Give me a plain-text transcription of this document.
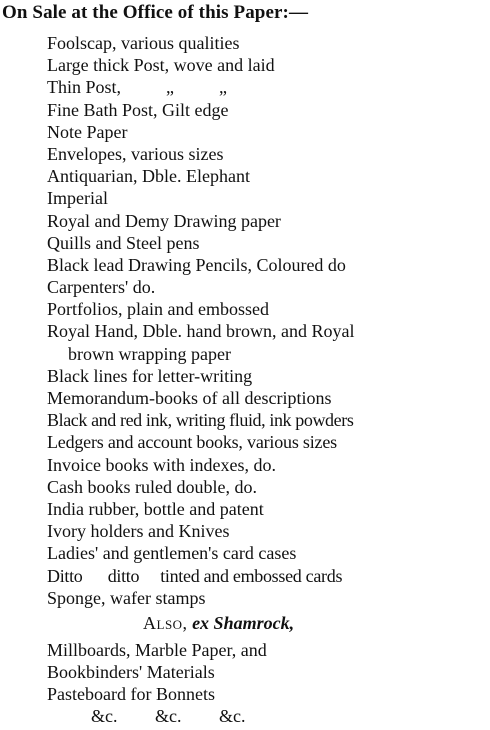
On Sale at the Office of this Paper:—
Foolscap, various qualities
Large thick Post, wove and laid
Thin Post,          „          „
Fine Bath Post, Gilt edge
Note Paper
Envelopes, various sizes
Antiquarian, Dble. Elephant
Imperial
Royal and Demy Drawing paper
Quills and Steel pens
Black lead Drawing Pencils, Coloured do
Carpenters' do.
Portfolios, plain and embossed
Royal Hand, Dble. hand brown, and Royal
brown wrapping paper
Black lines for letter-writing
Memorandum-books of all descriptions
Black and red ink, writing fluid, ink powders
Ledgers and account books, various sizes
Invoice books with indexes, do.
Cash books ruled double, do.
India rubber, bottle and patent
Ivory holders and Knives
Ladies' and gentlemen's card cases
Ditto      ditto     tinted and embossed cards
Sponge, wafer stamps
Also, ex Shamrock,
Millboards, Marble Paper, and
Bookbinders' Materials
Pasteboard for Bonnets
&c.   &c.   &c.
